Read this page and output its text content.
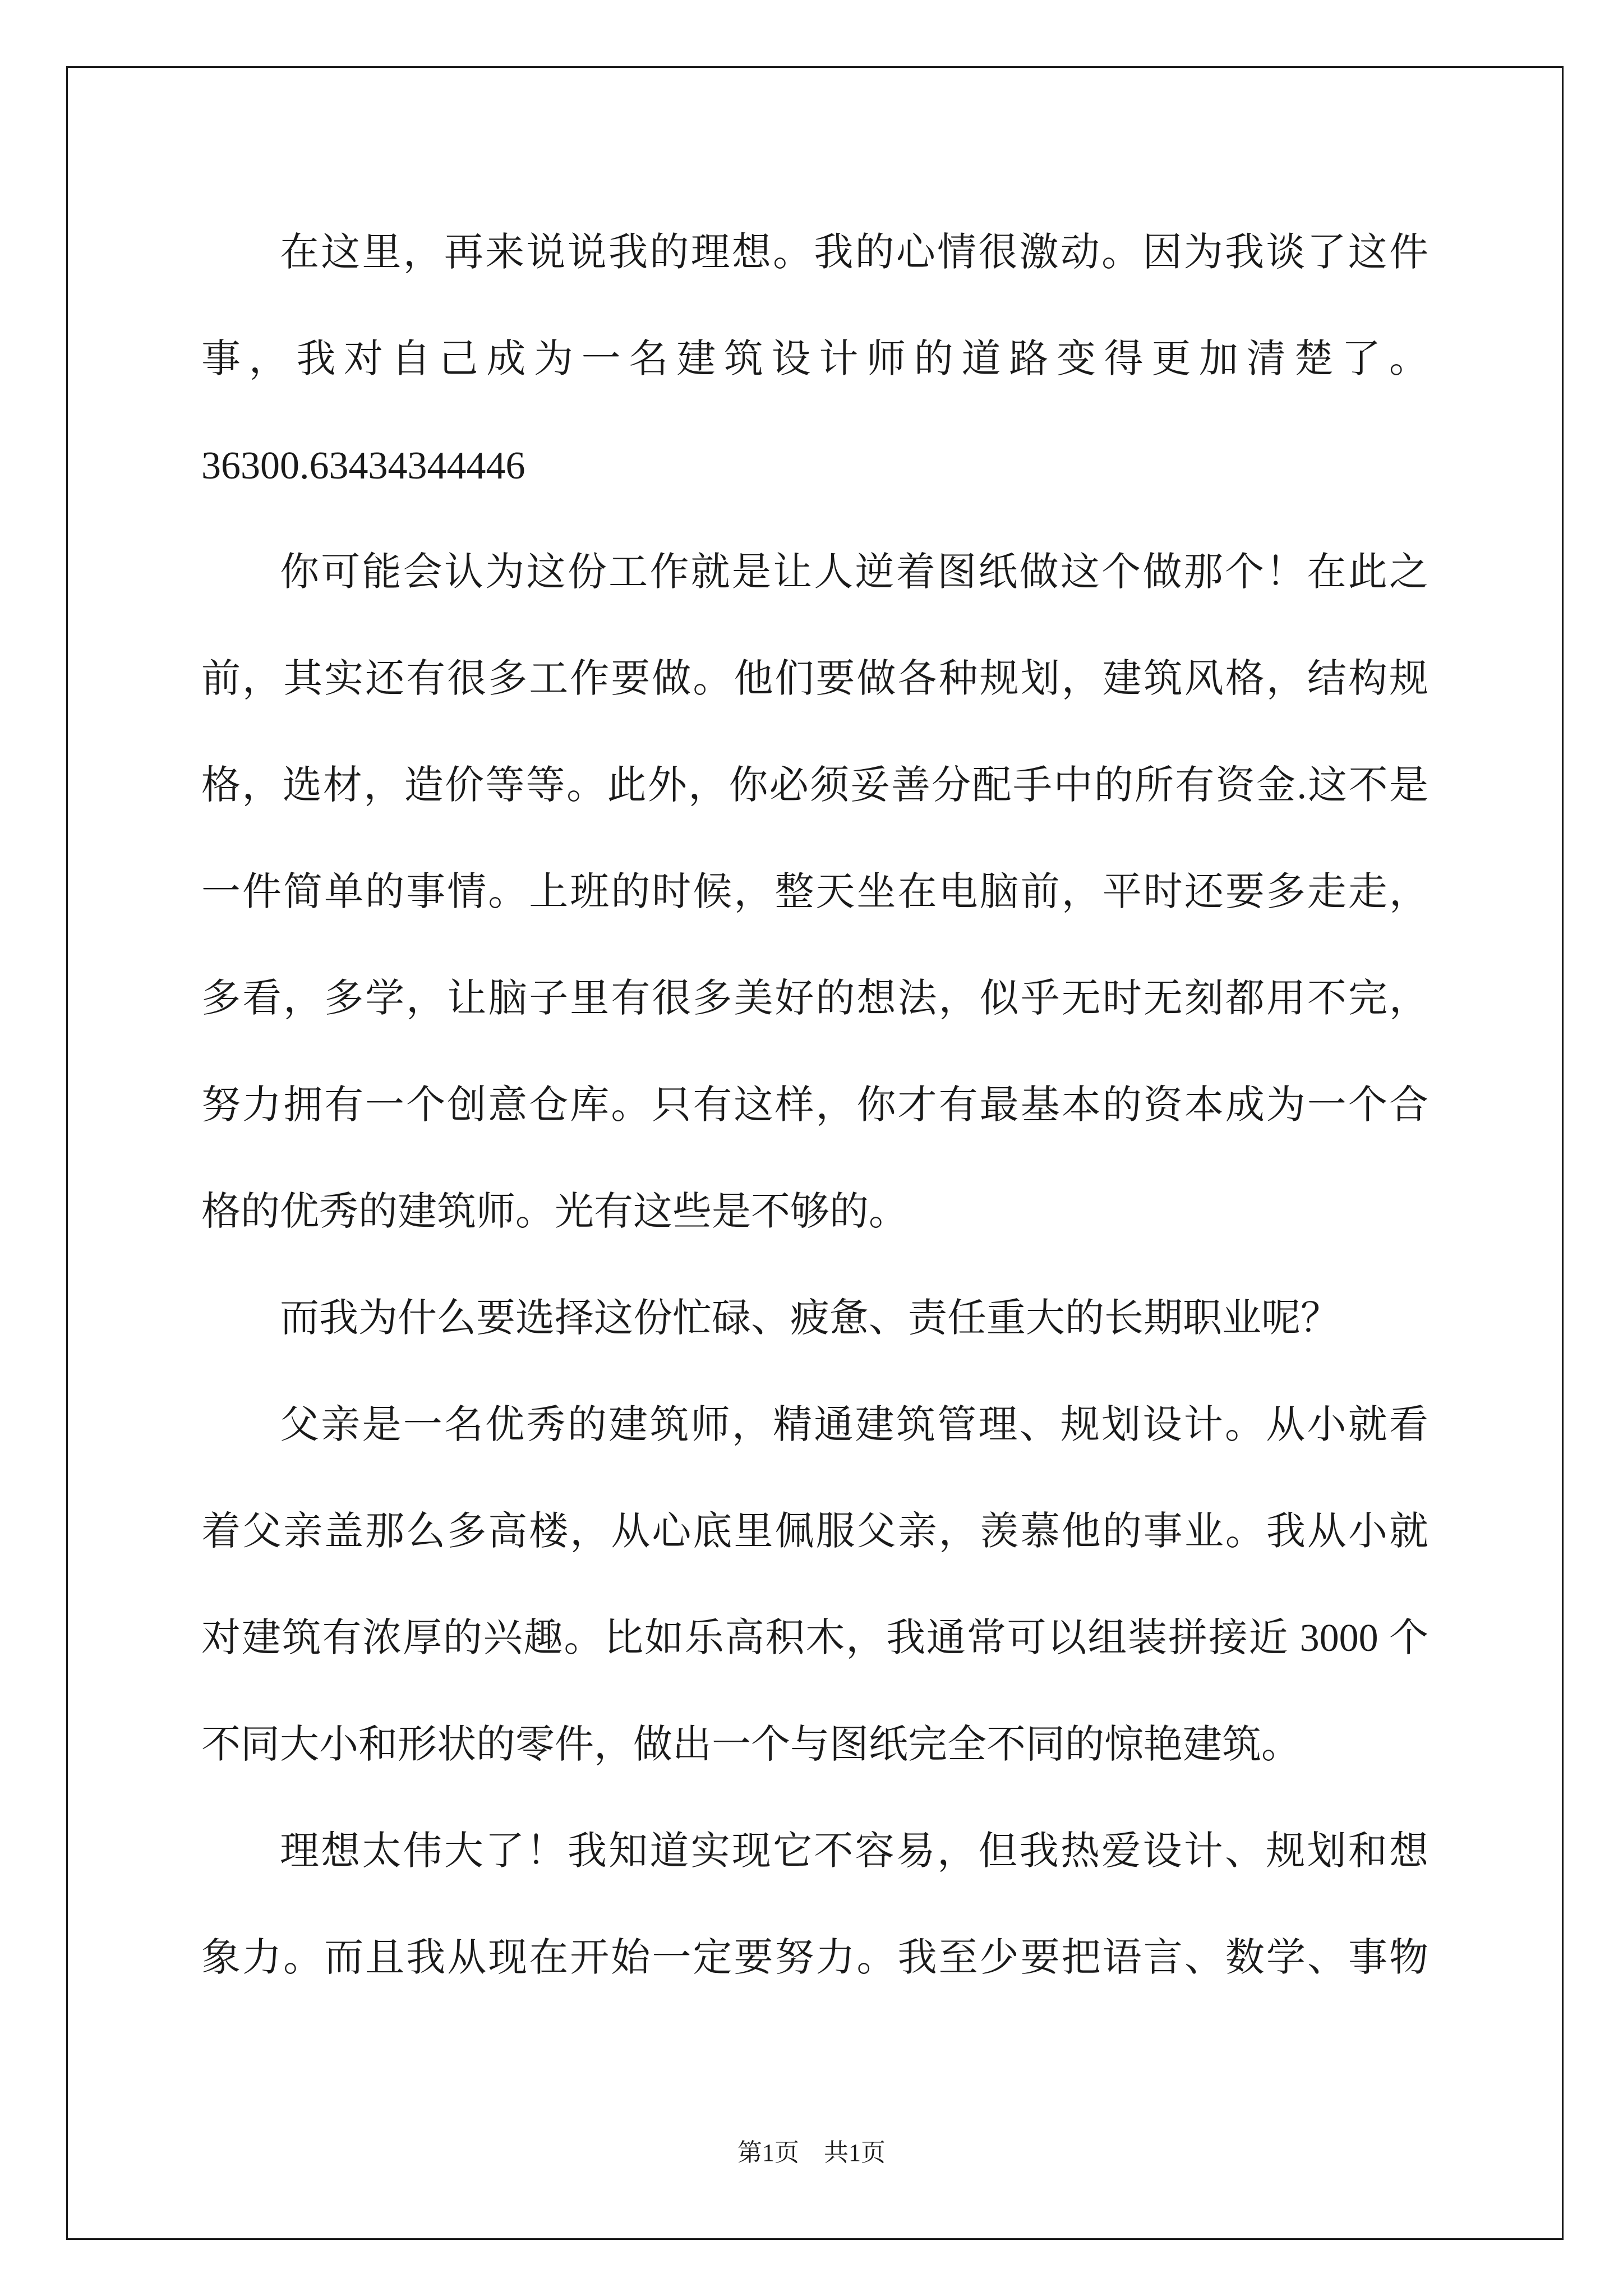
在这里，再来说说我的理想。我的心情很激动。因为我谈了这件
事，我对自己成为一名建筑设计师的道路变得更加清楚了。
36300.63434344446
你可能会认为这份工作就是让人逆着图纸做这个做那个！在此之
前，其实还有很多工作要做。他们要做各种规划，建筑风格，结构规
格，选材，造价等等。此外，你必须妥善分配手中的所有资金.这不是
一件简单的事情。上班的时候，整天坐在电脑前，平时还要多走走，
多看，多学，让脑子里有很多美好的想法，似乎无时无刻都用不完，
努力拥有一个创意仓库。只有这样，你才有最基本的资本成为一个合
格的优秀的建筑师。光有这些是不够的。
而我为什么要选择这份忙碌、疲惫、责任重大的长期职业呢？
父亲是一名优秀的建筑师，精通建筑管理、规划设计。从小就看
着父亲盖那么多高楼，从心底里佩服父亲，羡慕他的事业。我从小就
对建筑有浓厚的兴趣。比如乐高积木，我通常可以组装拼接近 3000 个
不同大小和形状的零件，做出一个与图纸完全不同的惊艳建筑。
理想太伟大了！我知道实现它不容易，但我热爱设计、规划和想
象力。而且我从现在开始一定要努力。我至少要把语言、数学、事物
第1页　共1页
